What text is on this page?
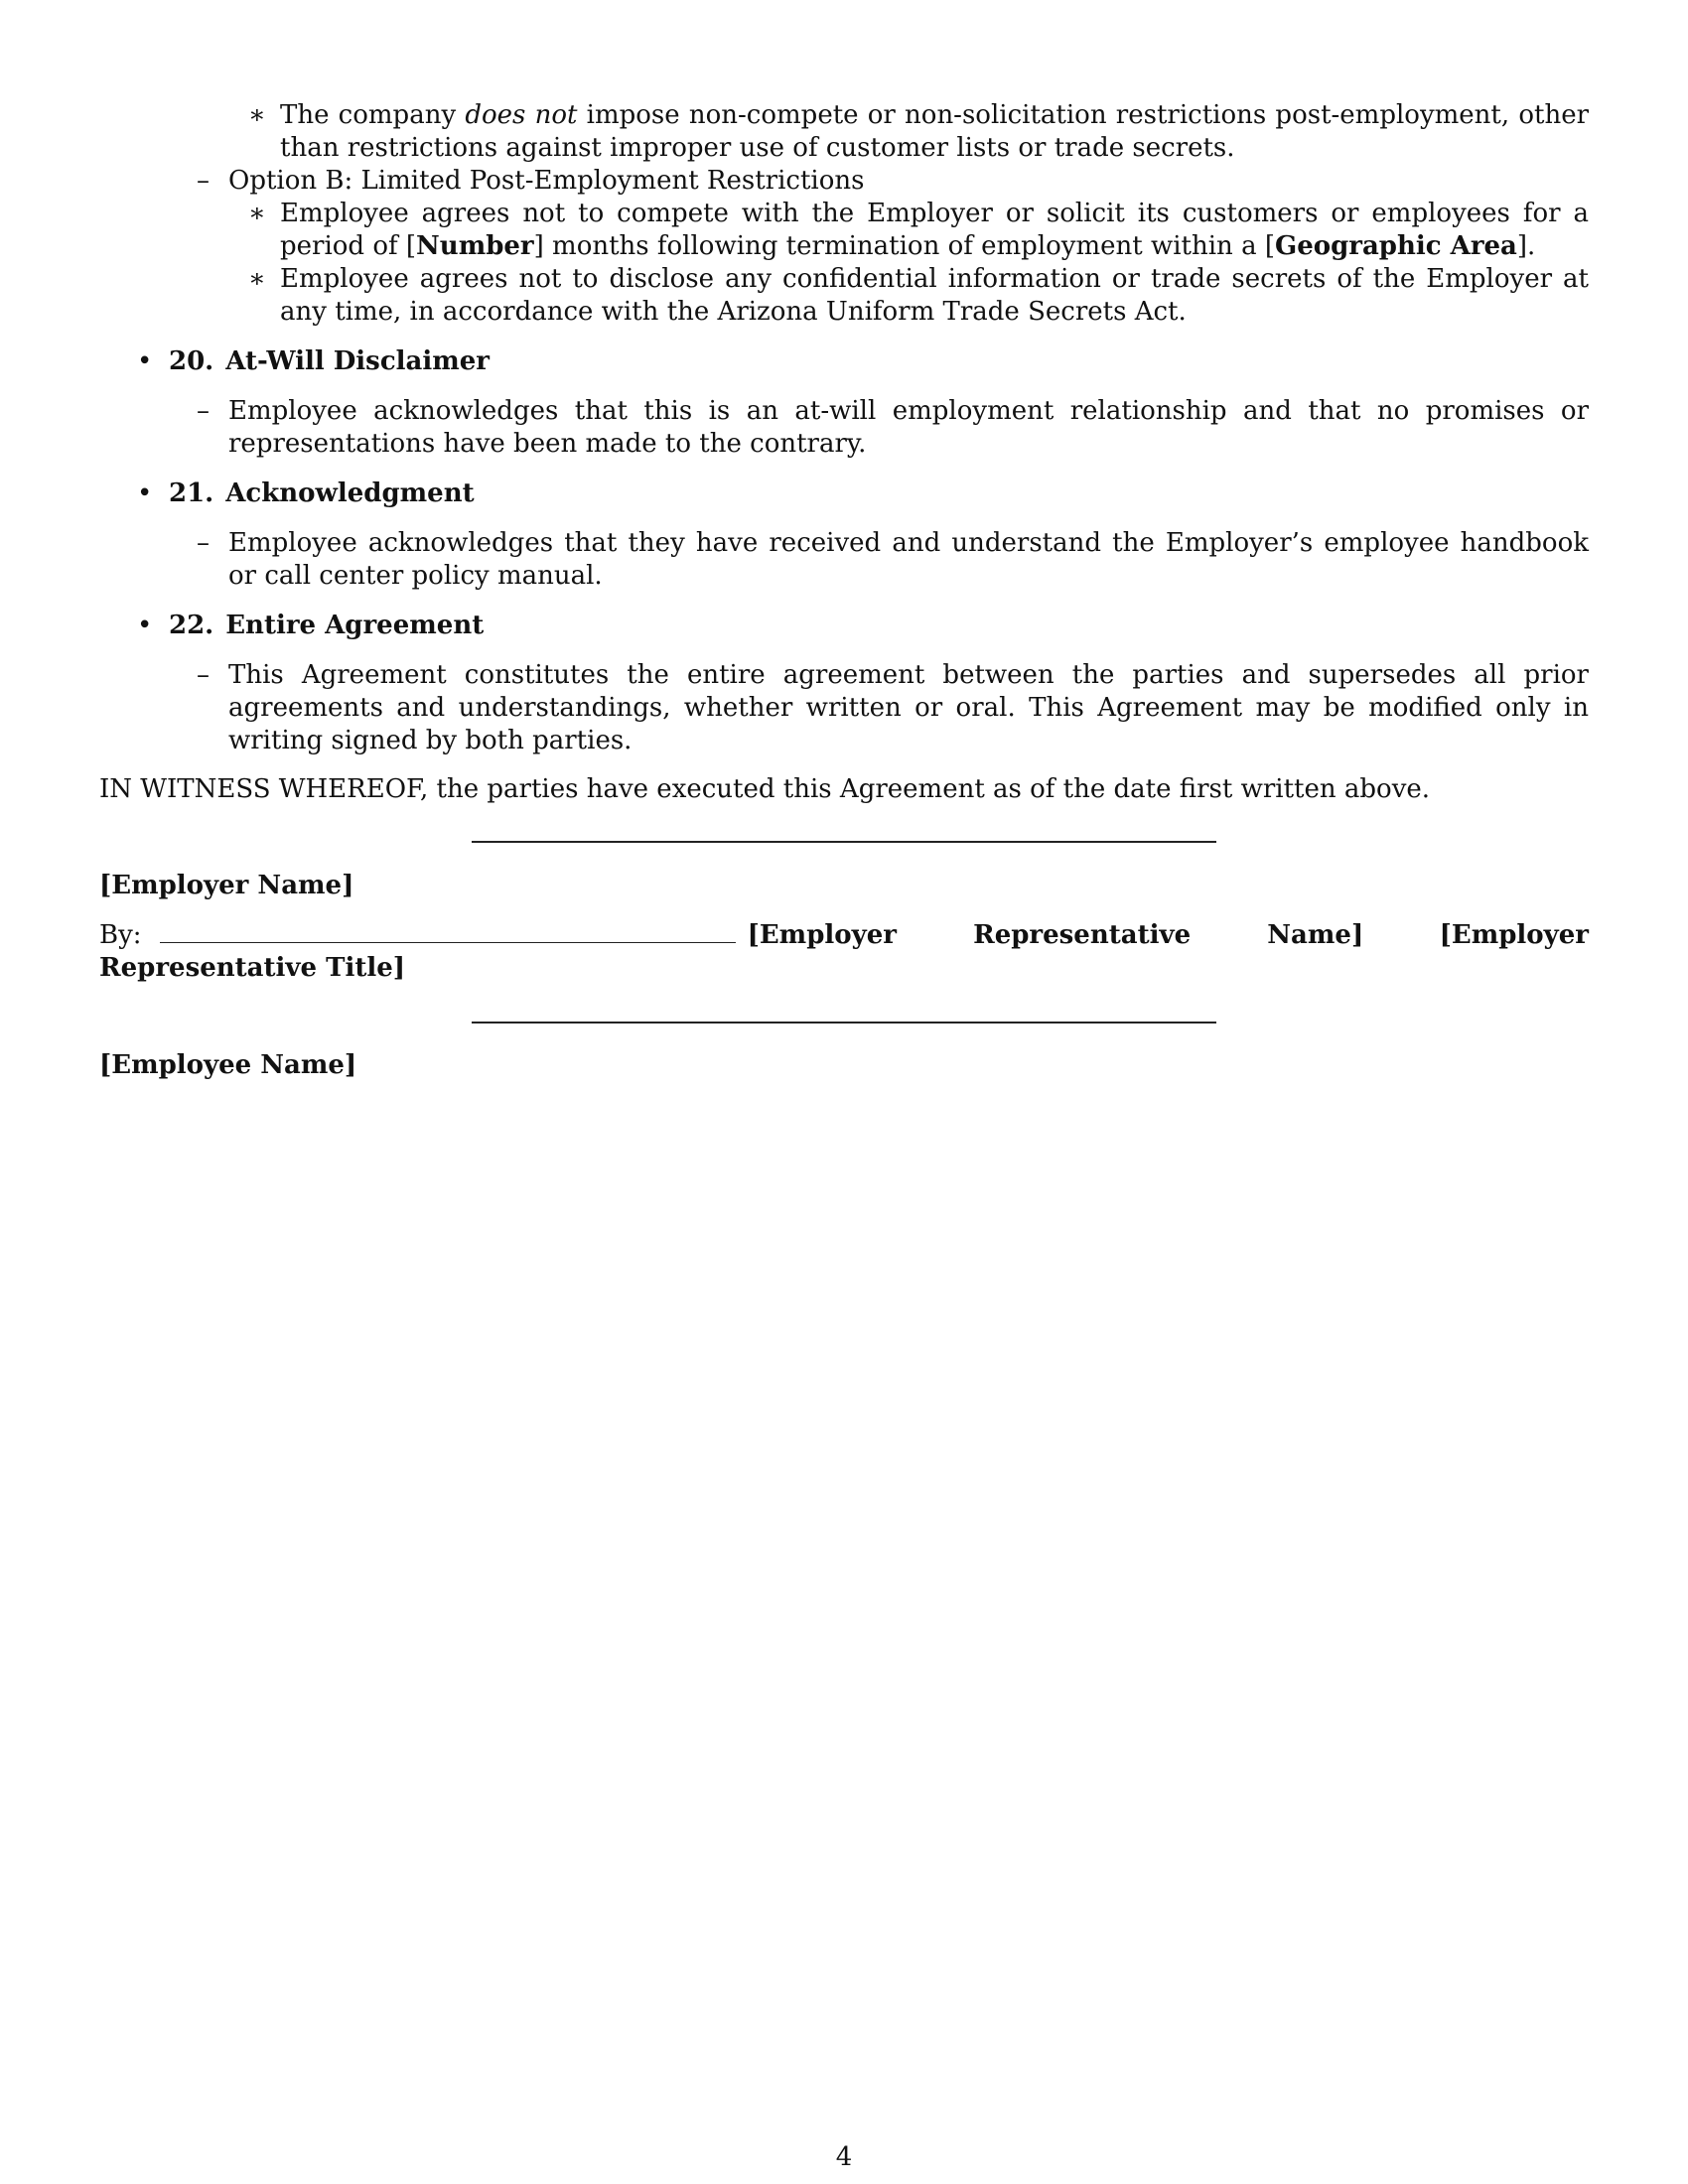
∗ The company does not impose non-compete or non-solicitation restrictions post-employment, other than restrictions against improper use of customer lists or trade secrets.
– Option B: Limited Post-Employment Restrictions
∗ Employee agrees not to compete with the Employer or solicit its customers or employees for a period of [Number] months following termination of employment within a [Geographic Area].
∗ Employee agrees not to disclose any confidential information or trade secrets of the Employer at any time, in accordance with the Arizona Uniform Trade Secrets Act.
• 20. At-Will Disclaimer
– Employee acknowledges that this is an at-will employment relationship and that no promises or representations have been made to the contrary.
• 21. Acknowledgment
– Employee acknowledges that they have received and understand the Employer’s employee handbook or call center policy manual.
• 22. Entire Agreement
– This Agreement constitutes the entire agreement between the parties and supersedes all prior agreements and understandings, whether written or oral. This Agreement may be modified only in writing signed by both parties.
IN WITNESS WHEREOF, the parties have executed this Agreement as of the date first written above.
[Employer Name]
By:	[Employer Representative Name]	[Employer Representative Title]
[Employee Name]
4
